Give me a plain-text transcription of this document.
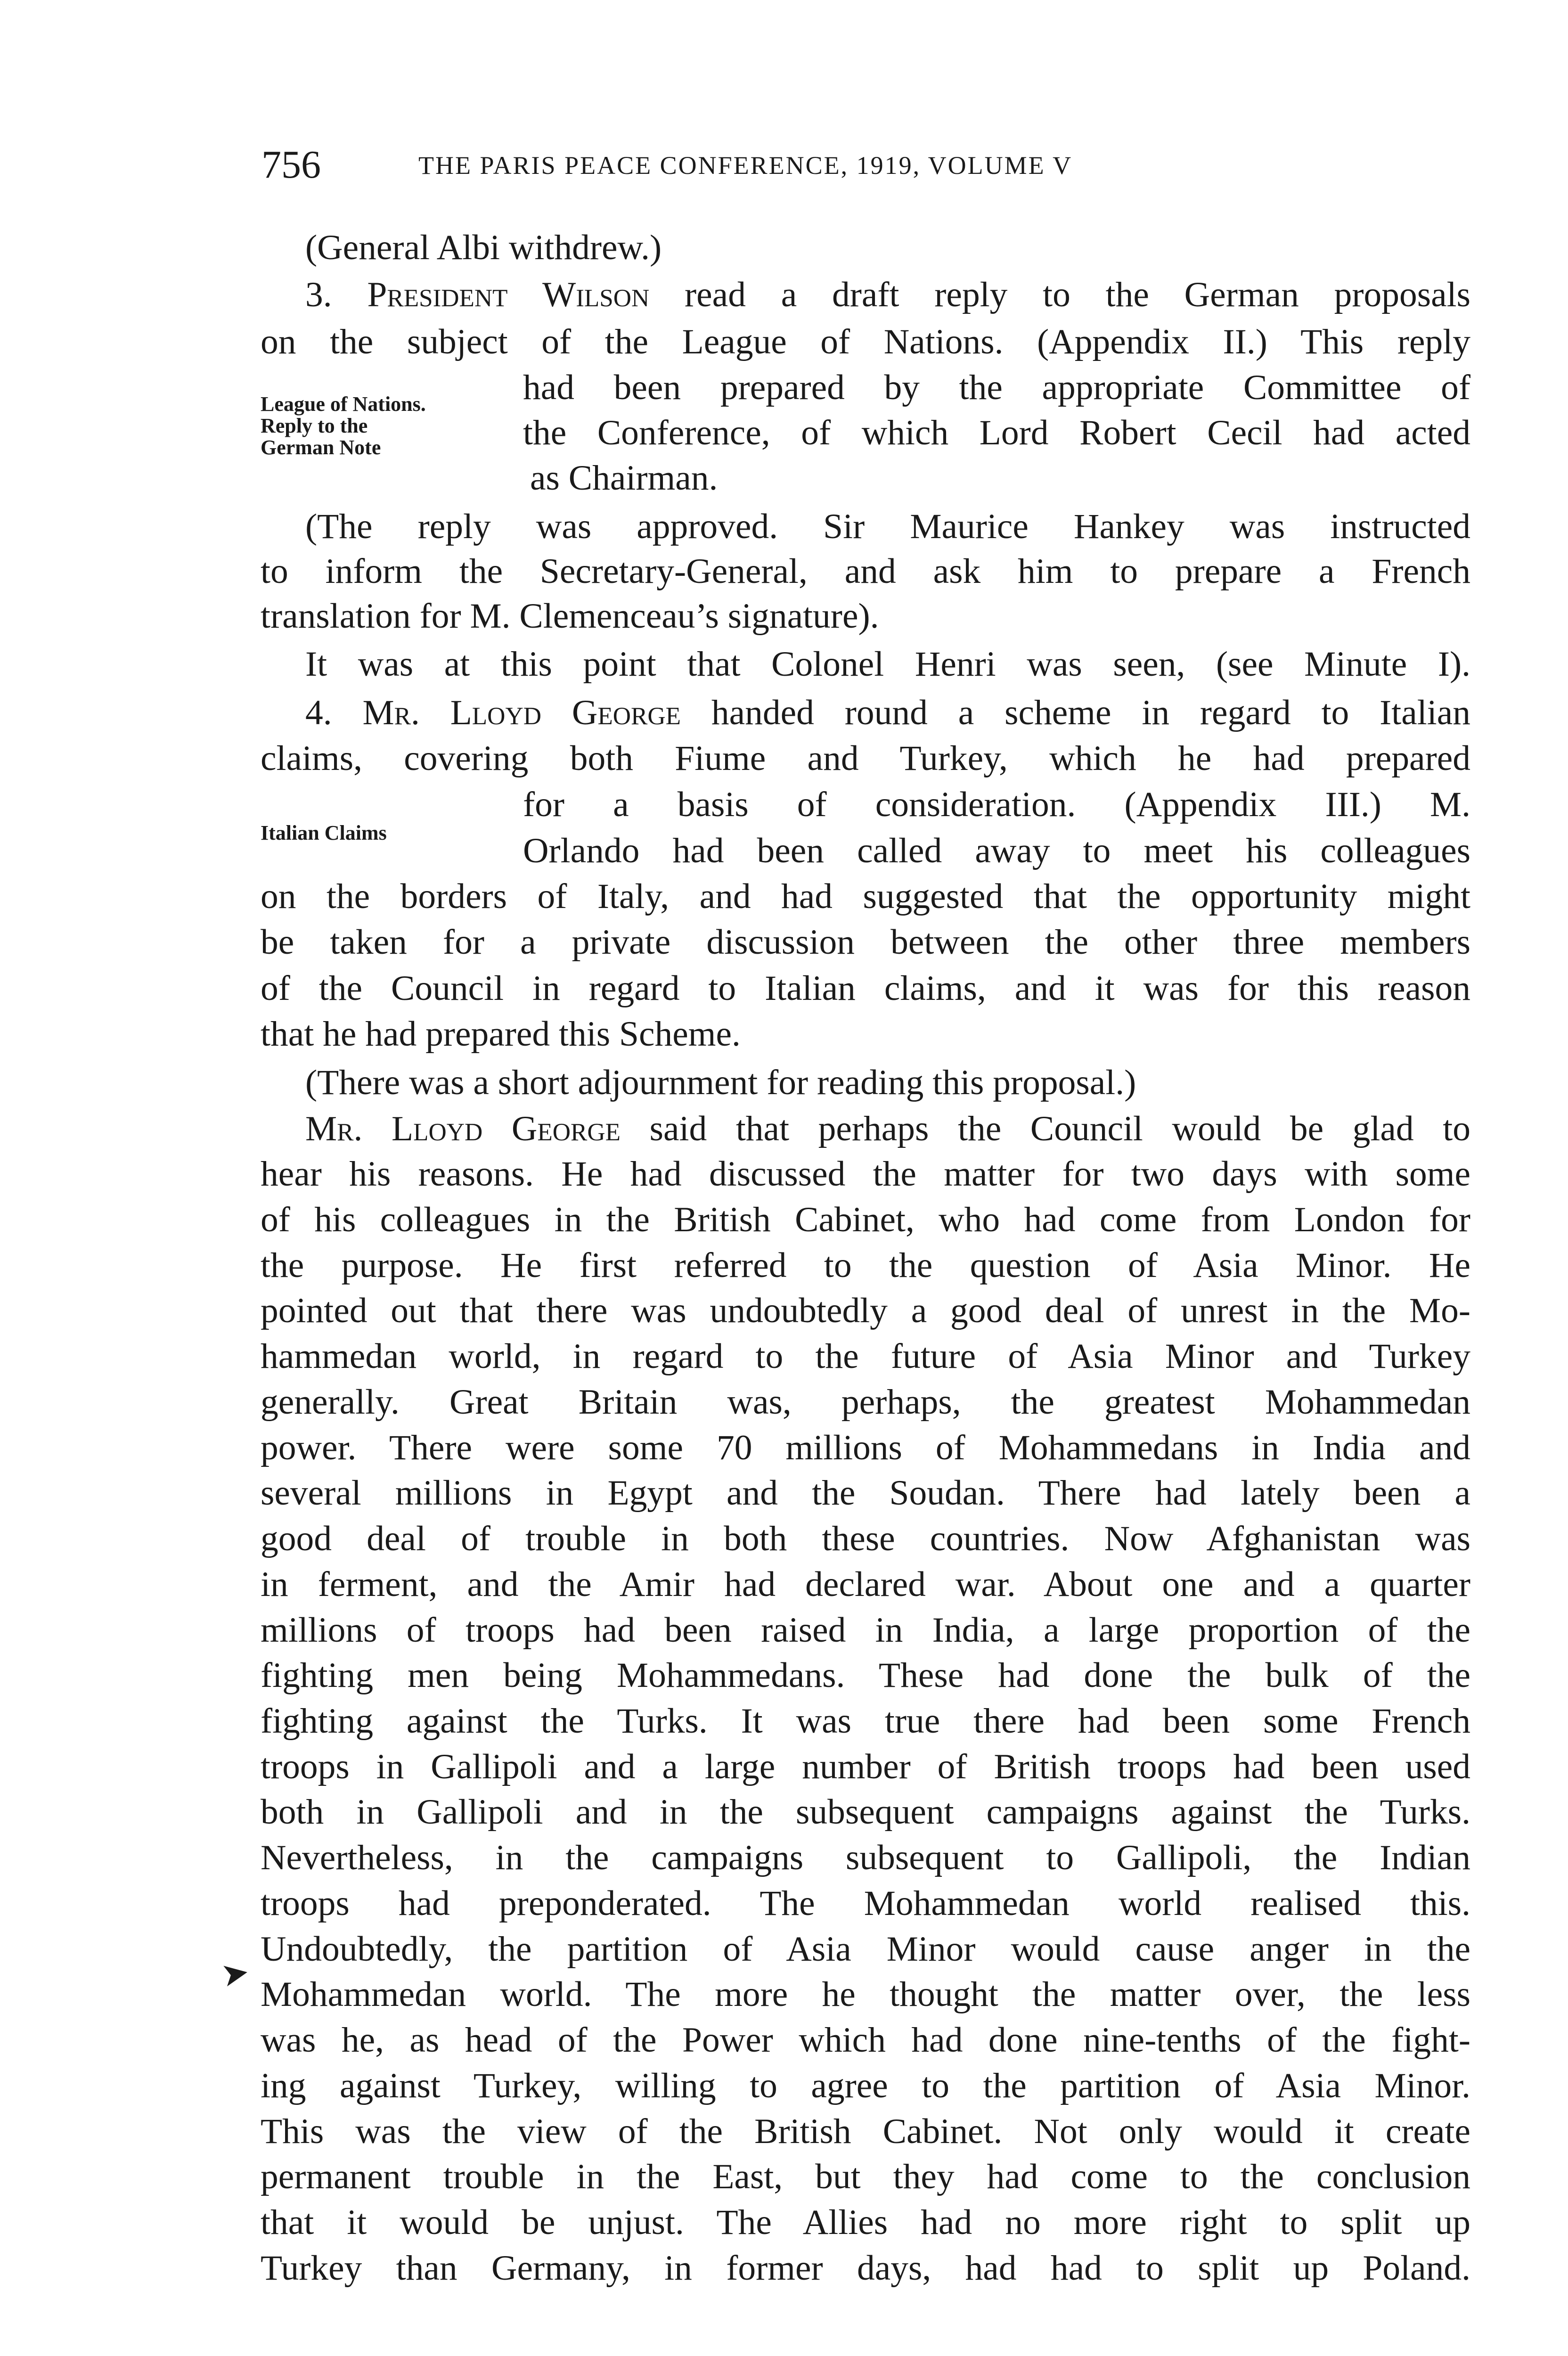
756	THE PARIS PEACE CONFERENCE, 1919, VOLUME V
League of Nations.
Reply to the
German Note
Italian Claims
(General Albi withdrew.)
3. President Wilson read a draft reply to the German proposals
on the subject of the League of Nations. (Appendix II.) This reply
had been prepared by the appropriate Committee of
the Conference, of which Lord Robert Cecil had acted
as Chairman.
(The reply was approved. Sir Maurice Hankey was instructed
to inform the Secretary-General, and ask him to prepare a French
translation for M. Clemenceau’s signature).
It was at this point that Colonel Henri was seen, (see Minute I).
4. Mr. Lloyd George handed round a scheme in regard to Italian
claims, covering both Fiume and Turkey, which he had prepared
for a basis of consideration. (Appendix III.) M.
Orlando had been called away to meet his colleagues
on the borders of Italy, and had suggested that the opportunity might
be taken for a private discussion between the other three members
of the Council in regard to Italian claims, and it was for this reason
that he had prepared this Scheme.
(There was a short adjournment for reading this proposal.)
Mr. Lloyd George said that perhaps the Council would be glad to
hear his reasons. He had discussed the matter for two days with some
of his colleagues in the British Cabinet, who had come from London for
the purpose. He first referred to the question of Asia Minor. He
pointed out that there was undoubtedly a good deal of unrest in the Mo-
hammedan world, in regard to the future of Asia Minor and Turkey
generally. Great Britain was, perhaps, the greatest Mohammedan
power. There were some 70 millions of Mohammedans in India and
several millions in Egypt and the Soudan. There had lately been a
good deal of trouble in both these countries. Now Afghanistan was
in ferment, and the Amir had declared war. About one and a quarter
millions of troops had been raised in India, a large proportion of the
fighting men being Mohammedans. These had done the bulk of the
fighting against the Turks. It was true there had been some French
troops in Gallipoli and a large number of British troops had been used
both in Gallipoli and in the subsequent campaigns against the Turks.
Nevertheless, in the campaigns subsequent to Gallipoli, the Indian
troops had preponderated. The Mohammedan world realised this.
➤
Undoubtedly, the partition of Asia Minor would cause anger in the
Mohammedan world. The more he thought the matter over, the less
was he, as head of the Power which had done nine-tenths of the fight-
ing against Turkey, willing to agree to the partition of Asia Minor.
This was the view of the British Cabinet. Not only would it create
permanent trouble in the East, but they had come to the conclusion
that it would be unjust. The Allies had no more right to split up
Turkey than Germany, in former days, had had to split up Poland.
